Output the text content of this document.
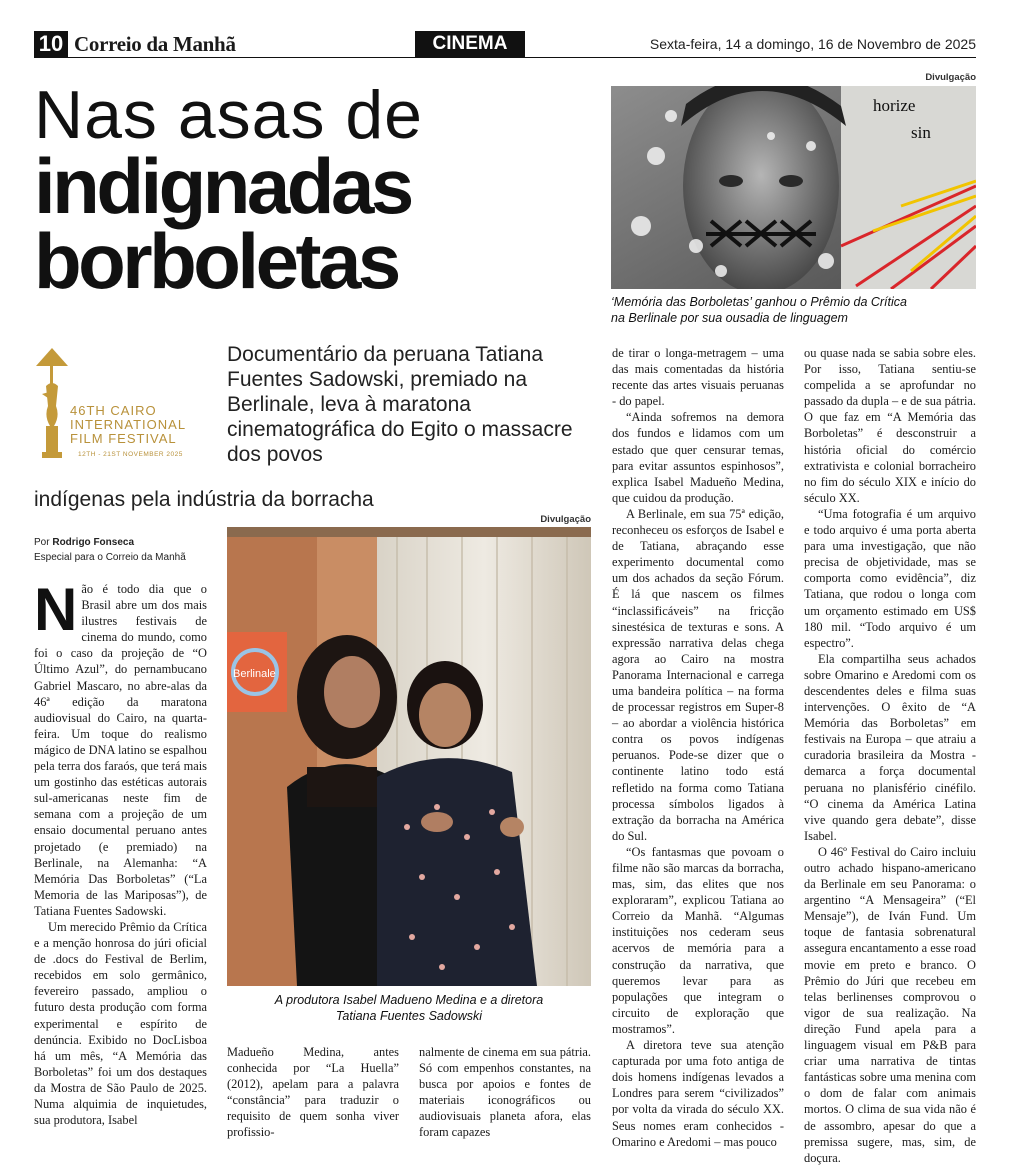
10 Correio da Manhã	CINEMA	Sexta-feira, 14 a domingo, 16 de Novembro de 2025
Nas asas de
indignadas
borboletas
Divulgação
horize
sin
‘Memória das Borboletas’ ganhou o Prêmio da Crítica
na Berlinale por sua ousadia de linguagem
46TH CAIRO
INTERNATIONAL
FILM FESTIVAL
12TH - 21ST NOVEMBER 2025
Documentário da peruana Tatiana Fuentes Sadowski, premiado na Berlinale, leva à maratona cinematográfica do Egito o massacre dos povos
indígenas pela indústria da borracha
Por Rodrigo Fonseca
Especial para o Correio da Manhã
Divulgação
Berlinale
A produtora Isabel Madueno Medina e a diretora
Tatiana Fuentes Sadowski
N ão é todo dia que o Brasil abre um dos mais ilustres festivais de cinema do mundo, como foi o caso da projeção de “O Último Azul”, do pernambucano Gabriel Mascaro, no abre-alas da 46ª edição da maratona audiovisual do Cairo, na quarta-feira. Um toque do realismo mágico de DNA latino se espalhou pela terra dos faraós, que terá mais um gostinho das estéticas autorais sul-americanas neste fim de semana com a projeção de um ensaio documental peruano antes projetado (e premiado) na Berlinale, na Alemanha: “A Memória Das Borboletas” (“La Memoria de las Mariposas”), de Tatiana Fuentes Sadowski.

Um merecido Prêmio da Crítica e a menção honrosa do júri oficial de .docs do Festival de Berlim, recebidos em solo germânico, fevereiro passado, ampliou o futuro desta produção com forma experimental e espírito de denúncia. Exibido no DocLisboa há um mês, “A Memória das Borboletas” foi um dos destaques da Mostra de São Paulo de 2025. Numa alquimia de inquietudes, sua produtora, Isabel

Madueño Medina, antes conhecida por “La Huella” (2012), apelam para a palavra “constância” para traduzir o requisito de quem sonha viver profissio-

nalmente de cinema em sua pátria. Só com empenhos constantes, na busca por apoios e fontes de materiais iconográficos ou audiovisuais planeta afora, elas foram capazes

de tirar o longa-metragem – uma das mais comentadas da história recente das artes visuais peruanas - do papel.

“Ainda sofremos na demora dos fundos e lidamos com um estado que quer censurar temas, para evitar assuntos espinhosos”, explica Isabel Madueño Medina, que cuidou da produção.

A Berlinale, em sua 75ª edição, reconheceu os esforços de Isabel e de Tatiana, abraçando esse experimento documental como um dos achados da seção Fórum. É lá que nascem os filmes “inclassificáveis” na fricção sinestésica de texturas e sons. A expressão narrativa delas chega agora ao Cairo na mostra Panorama Internacional e carrega uma bandeira política – na forma de processar registros em Super-8 – ao abordar a violência histórica contra os povos indígenas peruanos. Pode-se dizer que o continente latino todo está refletido na forma como Tatiana processa símbolos ligados à extração da borracha na América do Sul.

“Os fantasmas que povoam o filme não são marcas da borracha, mas, sim, das elites que nos exploraram”, explicou Tatiana ao Correio da Manhã. “Algumas instituições nos cederam seus acervos de memória para a construção da narrativa, que queremos levar para as populações que integram o circuito de exploração que mostramos”.

A diretora teve sua atenção capturada por uma foto antiga de dois homens indígenas levados a Londres para serem “civilizados” por volta da virada do século XX. Seus nomes eram conhecidos - Omarino e Aredomi – mas pouco

ou quase nada se sabia sobre eles. Por isso, Tatiana sentiu-se compelida a se aprofundar no passado da dupla – e de sua pátria. O que faz em “A Memória das Borboletas” é desconstruir a história oficial do comércio extrativista e colonial borracheiro no fim do século XIX e início do século XX.

“Uma fotografia é um arquivo e todo arquivo é uma porta aberta para uma investigação, que não precisa de objetividade, mas se comporta como evidência”, diz Tatiana, que rodou o longa com um orçamento estimado em US$ 180 mil. “Todo arquivo é um espectro”.

Ela compartilha seus achados sobre Omarino e Aredomi com os descendentes deles e filma suas intervenções. O êxito de “A Memória das Borboletas” em festivais na Europa – que atraiu a curadoria brasileira da Mostra - demarca a força documental peruana no planisfério cinéfilo. “O cinema da América Latina vive quando gera debate”, disse Isabel.

O 46º Festival do Cairo incluiu outro achado hispano-americano da Berlinale em seu Panorama: o argentino “A Mensageira” (“El Mensaje”), de Iván Fund. Um toque de fantasia sobrenatural assegura encantamento a esse road movie em preto e branco. O Prêmio do Júri que recebeu em telas berlinenses comprovou o vigor de sua realização. Na direção Fund apela para a linguagem visual em P&B para criar uma narrativa de tintas fantásticas sobre uma menina com o dom de falar com animais mortos. O clima de sua vida não é de assombro, apesar do que a premissa sugere, mas, sim, de doçura.
